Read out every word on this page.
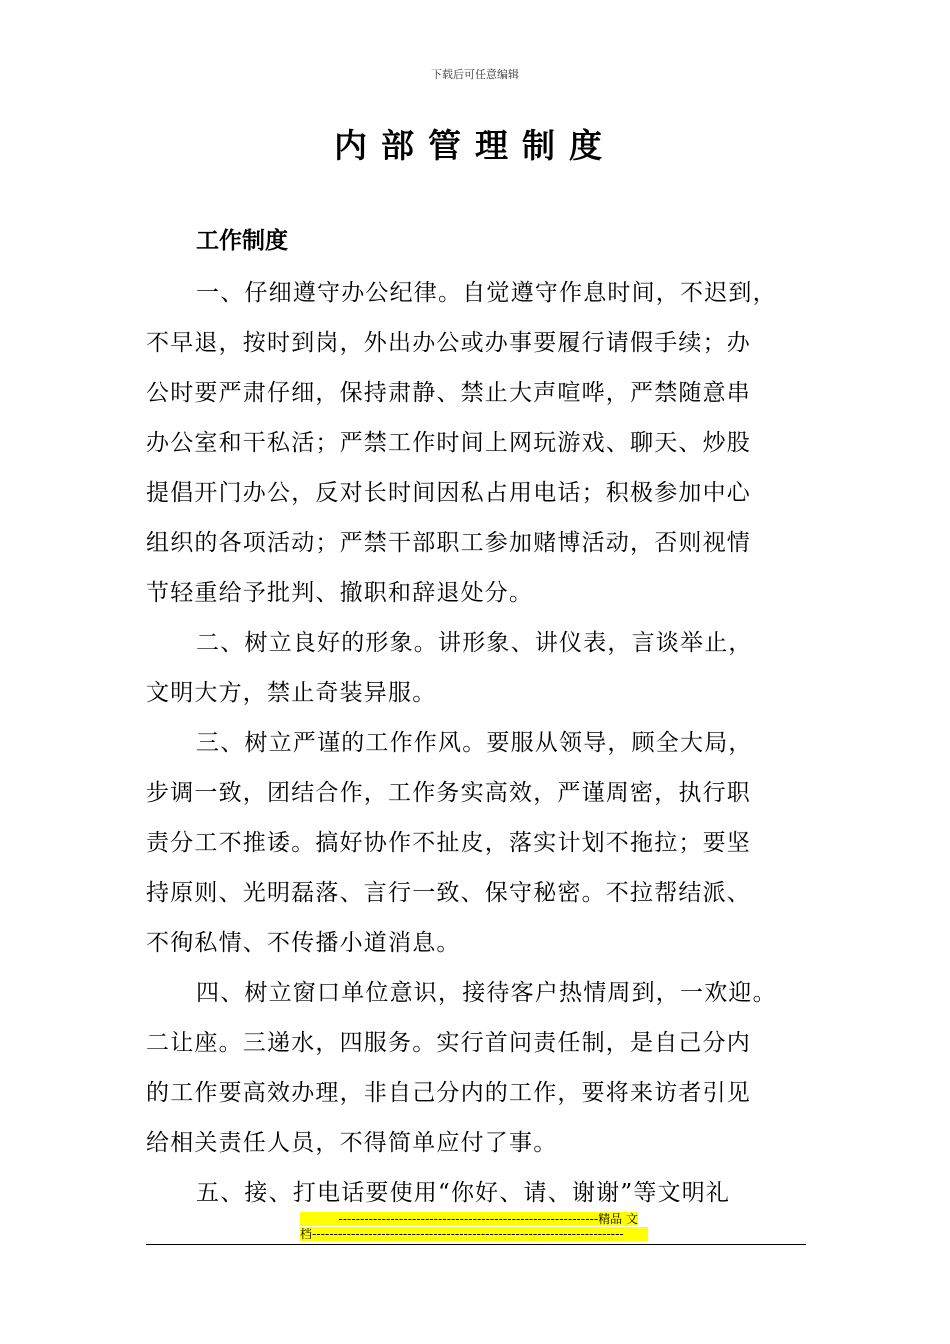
下载后可任意编辑
内部管理制度
工作制度
一、仔细遵守办公纪律。自觉遵守作息时间，不迟到，
不早退，按时到岗，外出办公或办事要履行请假手续；办
公时要严肃仔细，保持肃静、禁止大声喧哗，严禁随意串
办公室和干私活；严禁工作时间上网玩游戏、聊天、炒股
提倡开门办公，反对长时间因私占用电话；积极参加中心
组织的各项活动；严禁干部职工参加赌博活动，否则视情
节轻重给予批判、撤职和辞退处分。
二、树立良好的形象。讲形象、讲仪表，言谈举止，
文明大方，禁止奇装异服。
三、树立严谨的工作作风。要服从领导，顾全大局，
步调一致，团结合作，工作务实高效，严谨周密，执行职
责分工不推诿。搞好协作不扯皮，落实计划不拖拉；要坚
持原则、光明磊落、言行一致、保守秘密。不拉帮结派、
不徇私情、不传播小道消息。
四、树立窗口单位意识，接待客户热情周到，一欢迎。
二让座。三递水，四服务。实行首问责任制，是自己分内
的工作要高效办理，非自己分内的工作，要将来访者引见
给相关责任人员，不得简单应付了事。
五、接、打电话要使用“你好、请、谢谢”等文明礼
------------------------------------------------------------精品 文
档------------------------------------------------------------------------
